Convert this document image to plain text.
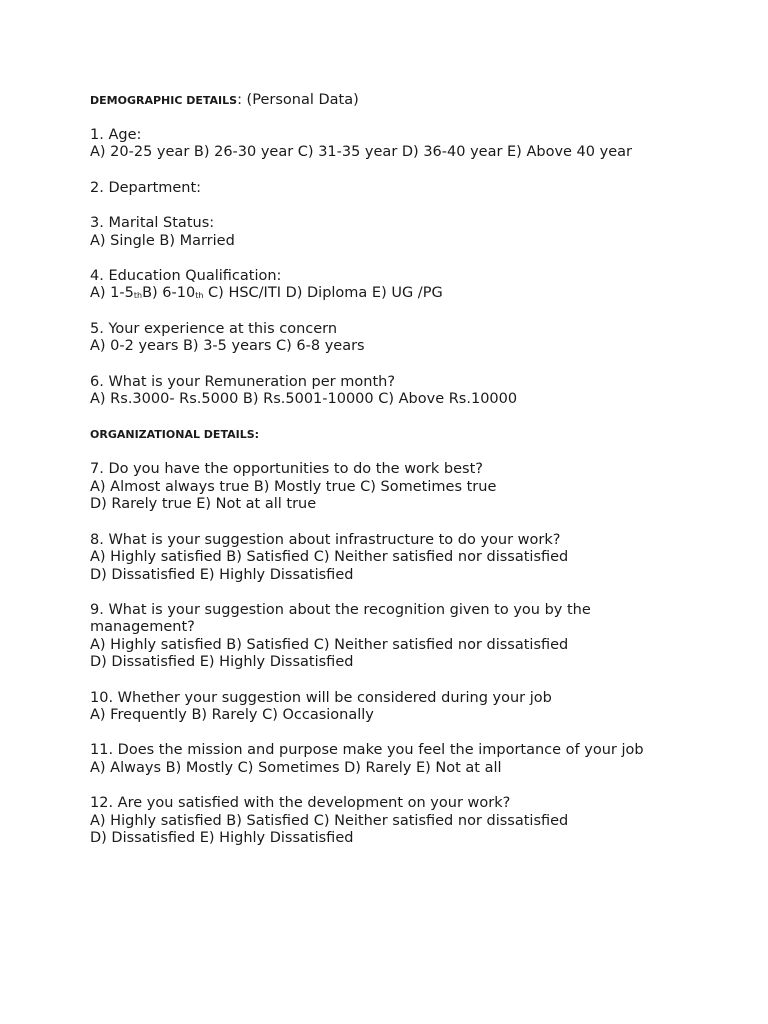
DEMOGRAPHIC DETAILS: (Personal Data)
1. Age:
A) 20-25 year B) 26-30 year C) 31-35 year D) 36-40 year E) Above 40 year
2. Department:
3. Marital Status:
A) Single B) Married
4. Education Qualification:
A) $1-5_{th}B$) $6-10_{th}$ C) HSC/ITI D) Diploma E) UG /PG
5. Your experience at this concern
A) 0-2 years B) 3-5 years C) 6-8 years
6. What is your Remuneration per month?
A) Rs.3000- Rs.5000 B) Rs.5001-10000 C) Above Rs.10000
ORGANIZATIONAL DETAILS:
7. Do you have the opportunities to do the work best?
A) Almost always true B) Mostly true C) Sometimes true
D) Rarely true E) Not at all true
8. What is your suggestion about infrastructure to do your work?
A) Highly satisfied B) Satisfied C) Neither satisfied nor dissatisfied
D) Dissatisfied E) Highly Dissatisfied
9. What is your suggestion about the recognition given to you by the management?
A) Highly satisfied B) Satisfied C) Neither satisfied nor dissatisfied
D) Dissatisfied E) Highly Dissatisfied
10. Whether your suggestion will be considered during your job
A) Frequently B) Rarely C) Occasionally
11. Does the mission and purpose make you feel the importance of your job
A) Always B) Mostly C) Sometimes D) Rarely E) Not at all
12. Are you satisfied with the development on your work?
A) Highly satisfied B) Satisfied C) Neither satisfied nor dissatisfied
D) Dissatisfied E) Highly Dissatisfied
